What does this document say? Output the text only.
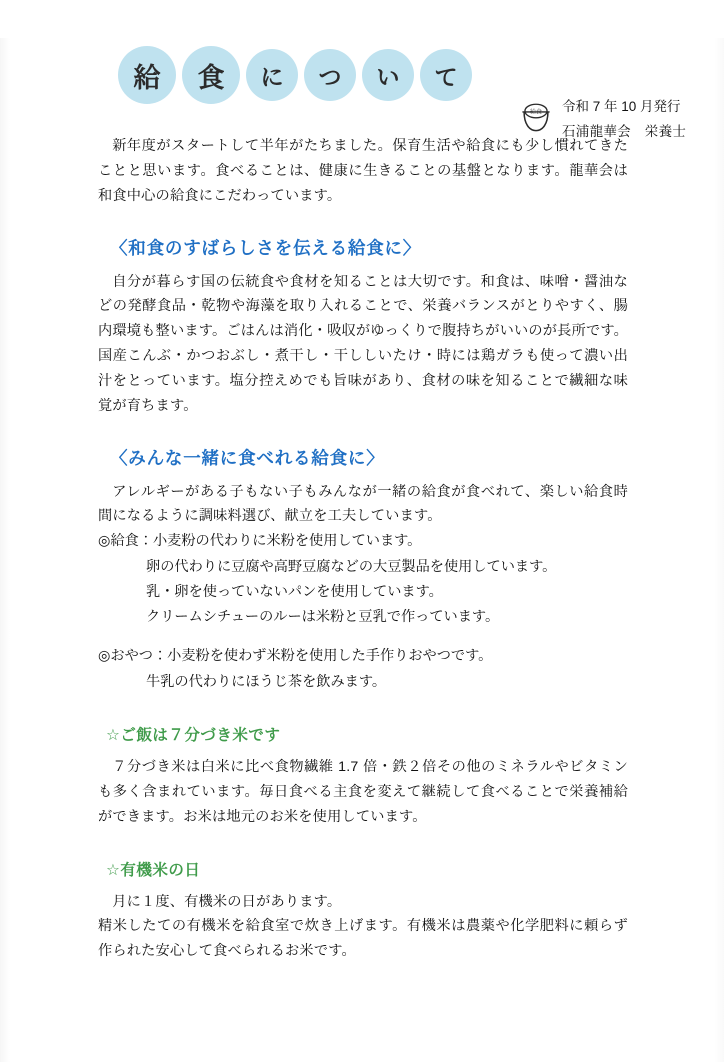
給	食	に	つ	い	て
給食 令和 7 年 10 月発行
石浦龍華会　栄養士

新年度がスタートして半年がたちました。保育生活や給食にも少し慣れてきたことと思います。食べることは、健康に生きることの基盤となります。龍華会は和食中心の給食にこだわっています。

〈和食のすばらしさを伝える給食に〉

自分が暮らす国の伝統食や食材を知ることは大切です。和食は、味噌・醤油などの発酵食品・乾物や海藻を取り入れることで、栄養バランスがとりやすく、腸内環境も整います。ごはんは消化・吸収がゆっくりで腹持ちがいいのが長所です。国産こんぶ・かつおぶし・煮干し・干ししいたけ・時には鶏ガラも使って濃い出汁をとっています。塩分控えめでも旨味があり、食材の味を知ることで繊細な味覚が育ちます。

〈みんな一緒に食べれる給食に〉

アレルギーがある子もない子もみんなが一緒の給食が食べれて、楽しい給食時間になるように調味料選び、献立を工夫しています。

◎給食：小麦粉の代わりに米粉を使用しています。
卵の代わりに豆腐や高野豆腐などの大豆製品を使用しています。
乳・卵を使っていないパンを使用しています。
クリームシチューのルーは米粉と豆乳で作っています。
◎おやつ：小麦粉を使わず米粉を使用した手作りおやつです。
牛乳の代わりにほうじ茶を飲みます。
☆ご飯は７分づき米です

７分づき米は白米に比べ食物繊維 1.7 倍・鉄２倍その他のミネラルやビタミンも多く含まれています。毎日食べる主食を変えて継続して食べることで栄養補給ができます。お米は地元のお米を使用しています。

☆有機米の日

月に１度、有機米の日があります。

精米したての有機米を給食室で炊き上げます。有機米は農薬や化学肥料に頼らず作られた安心して食べられるお米です。
